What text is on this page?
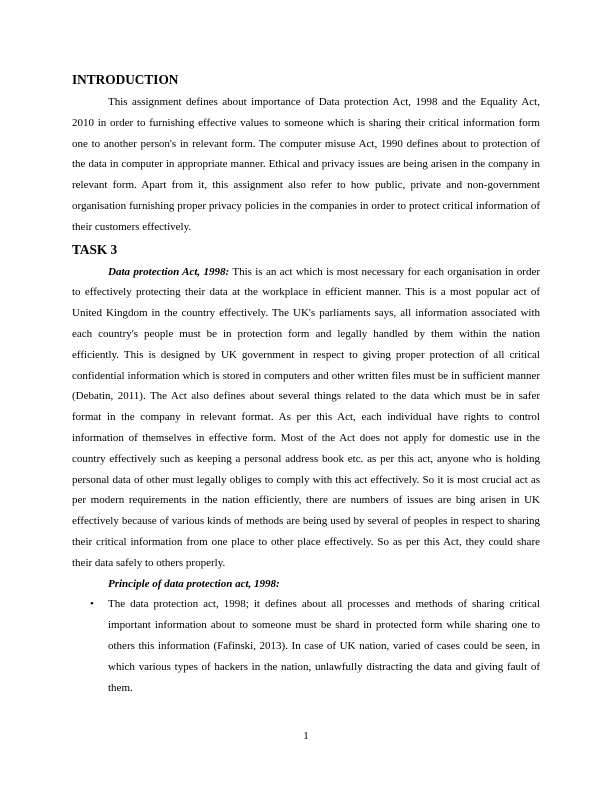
INTRODUCTION

This assignment defines about importance of Data protection Act, 1998 and the Equality Act, 2010 in order to furnishing effective values to someone which is sharing their critical information form one to another person's in relevant form. The computer misuse Act, 1990 defines about to protection of the data in computer in appropriate manner. Ethical and privacy issues are being arisen in the company in relevant form. Apart from it, this assignment also refer to how public, private and non-government organisation furnishing proper privacy policies in the companies in order to protect critical information of their customers effectively.

TASK 3

Data protection Act, 1998: This is an act which is most necessary for each organisation in order to effectively protecting their data at the workplace in efficient manner. This is a most popular act of United Kingdom in the country effectively. The UK's parliaments says, all information associated with each country's people must be in protection form and legally handled by them within the nation efficiently. This is designed by UK government in respect to giving proper protection of all critical confidential information which is stored in computers and other written files must be in sufficient manner (Debatin, 2011). The Act also defines about several things related to the data which must be in safer format in the company in relevant format. As per this Act, each individual have rights to control information of themselves in effective form. Most of the Act does not apply for domestic use in the country effectively such as keeping a personal address book etc. as per this act, anyone who is holding personal data of other must legally obliges to comply with this act effectively. So it is most crucial act as per modern requirements in the nation efficiently, there are numbers of issues are bing arisen in UK effectively because of various kinds of methods are being used by several of peoples in respect to sharing their critical information from one place to other place effectively. So as per this Act, they could share their data safely to others properly.

Principle of data protection act, 1998:
• The data protection act, 1998; it defines about all processes and methods of sharing critical important information about to someone must be shard in protected form while sharing one to others this information (Fafinski, 2013). In case of UK nation, varied of cases could be seen, in which various types of hackers in the nation, unlawfully distracting the data and giving fault of them.
1
